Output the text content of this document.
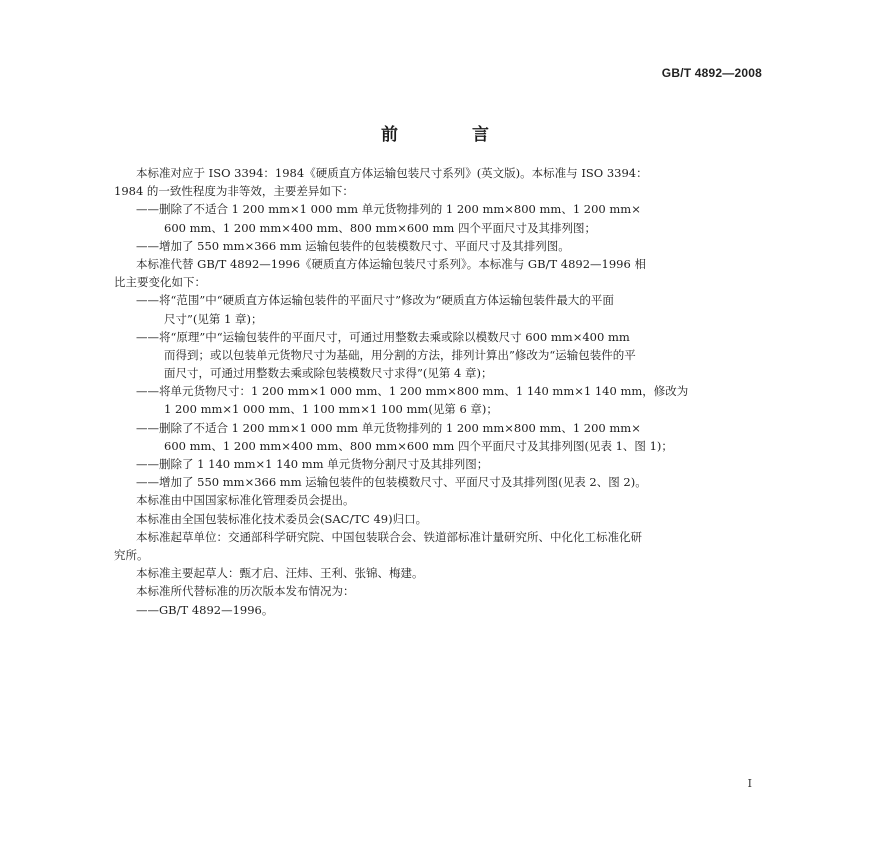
GB/T 4892—2008
前 言
本标准对应于 ISO 3394：1984《硬质直方体运输包装尺寸系列》(英文版)。本标准与 ISO 3394：
1984 的一致性程度为非等效，主要差异如下：
——删除了不适合 1 200 mm×1 000 mm 单元货物排列的 1 200 mm×800 mm、1 200 mm×
600 mm、1 200 mm×400 mm、800 mm×600 mm 四个平面尺寸及其排列图；
——增加了 550 mm×366 mm 运输包装件的包装模数尺寸、平面尺寸及其排列图。
本标准代替 GB/T 4892—1996《硬质直方体运输包装尺寸系列》。本标准与 GB/T 4892—1996 相
比主要变化如下：
——将“范围”中“硬质直方体运输包装件的平面尺寸”修改为“硬质直方体运输包装件最大的平面
尺寸”(见第 1 章)；
——将“原理”中“运输包装件的平面尺寸，可通过用整数去乘或除以模数尺寸 600 mm×400 mm
而得到；或以包装单元货物尺寸为基础，用分割的方法，排列计算出”修改为“运输包装件的平
面尺寸，可通过用整数去乘或除包装模数尺寸求得”(见第 4 章)；
——将单元货物尺寸：1 200 mm×1 000 mm、1 200 mm×800 mm、1 140 mm×1 140 mm，修改为
1 200 mm×1 000 mm、1 100 mm×1 100 mm(见第 6 章)；
——删除了不适合 1 200 mm×1 000 mm 单元货物排列的 1 200 mm×800 mm、1 200 mm×
600 mm、1 200 mm×400 mm、800 mm×600 mm 四个平面尺寸及其排列图(见表 1、图 1)；
——删除了 1 140 mm×1 140 mm 单元货物分割尺寸及其排列图；
——增加了 550 mm×366 mm 运输包装件的包装模数尺寸、平面尺寸及其排列图(见表 2、图 2)。
本标准由中国国家标准化管理委员会提出。
本标准由全国包装标准化技术委员会(SAC/TC 49)归口。
本标准起草单位：交通部科学研究院、中国包装联合会、铁道部标准计量研究所、中化化工标准化研
究所。
本标准主要起草人：甄才启、汪炜、王利、张锦、梅建。
本标准所代替标准的历次版本发布情况为：
——GB/T 4892—1996。
I
